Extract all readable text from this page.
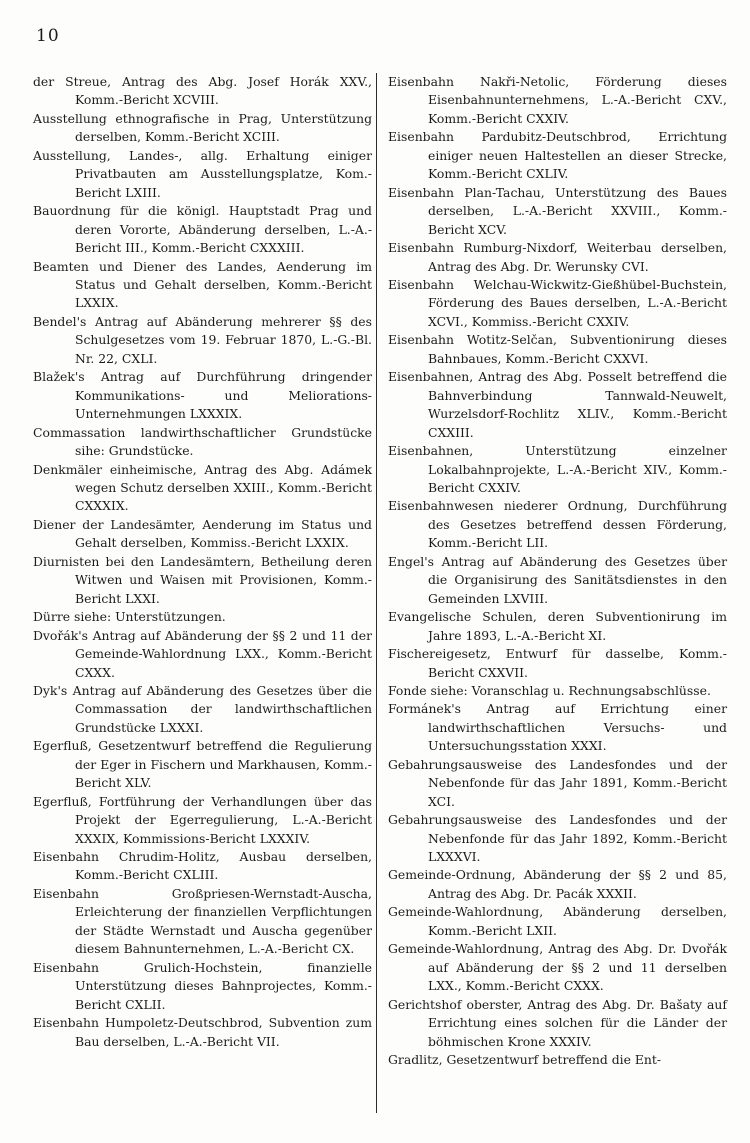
10

der Streue, Antrag des Abg. Josef Horák XXV., Komm.-Bericht XCVIII.

Ausstellung ethnografische in Prag, Unterstützung derselben, Komm.-Bericht XCIII.

Ausstellung, Landes-, allg. Erhaltung einiger Privatbauten am Ausstellungsplatze, Kom.-Bericht LXIII.

Bauordnung für die königl. Hauptstadt Prag und deren Vororte, Abänderung derselben, L.-A.-Bericht III., Komm.-Bericht CXXXIII.

Beamten und Diener des Landes, Aenderung im Status und Gehalt derselben, Komm.-Bericht LXXIX.

Bendel's Antrag auf Abänderung mehrerer §§ des Schulgesetzes vom 19. Februar 1870, L.-G.-Bl. Nr. 22, CXLI.

Blažek's Antrag auf Durchführung dringender Kommunikations- und Meliorations-Unternehmungen LXXXIX.

Commassation landwirthschaftlicher Grundstücke sihe: Grundstücke.

Denkmäler einheimische, Antrag des Abg. Adámek wegen Schutz derselben XXIII., Komm.-Bericht CXXXIX.

Diener der Landesämter, Aenderung im Status und Gehalt derselben, Kommiss.-Bericht LXXIX.

Diurnisten bei den Landesämtern, Betheilung deren Witwen und Waisen mit Provisionen, Komm.-Bericht LXXI.

Dürre siehe: Unterstützungen.

Dvořák's Antrag auf Abänderung der §§ 2 und 11 der Gemeinde-Wahlordnung LXX., Komm.-Bericht CXXX.

Dyk's Antrag auf Abänderung des Gesetzes über die Commassation der landwirthschaftlichen Grundstücke LXXXI.

Egerfluß, Gesetzentwurf betreffend die Regulierung der Eger in Fischern und Markhausen, Komm.-Bericht XLV.

Egerfluß, Fortführung der Verhandlungen über das Projekt der Egerregulierung, L.-A.-Bericht XXXIX, Kommissions-Bericht LXXXIV.

Eisenbahn Chrudim-Holitz, Ausbau derselben, Komm.-Bericht CXLIII.

Eisenbahn Großpriesen-Wernstadt-Auscha, Erleichterung der finanziellen Verpflichtungen der Städte Wernstadt und Auscha gegenüber diesem Bahnunternehmen, L.-A.-Bericht CX.

Eisenbahn Grulich-Hochstein, finanzielle Unterstützung dieses Bahnprojectes, Komm.-Bericht CXLII.

Eisenbahn Humpoletz-Deutschbrod, Subvention zum Bau derselben, L.-A.-Bericht VII.

Eisenbahn Nakři-Netolic, Förderung dieses Eisenbahnunternehmens, L.-A.-Bericht CXV., Komm.-Bericht CXXIV.

Eisenbahn Pardubitz-Deutschbrod, Errichtung einiger neuen Haltestellen an dieser Strecke, Komm.-Bericht CXLIV.

Eisenbahn Plan-Tachau, Unterstützung des Baues derselben, L.-A.-Bericht XXVIII., Komm.-Bericht XCV.

Eisenbahn Rumburg-Nixdorf, Weiterbau derselben, Antrag des Abg. Dr. Werunsky CVI.

Eisenbahn Welchau-Wickwitz-Gießhübel-Buchstein, Förderung des Baues derselben, L.-A.-Bericht XCVI., Kommiss.-Bericht CXXIV.

Eisenbahn Wotitz-Selčan, Subventionirung dieses Bahnbaues, Komm.-Bericht CXXVI.

Eisenbahnen, Antrag des Abg. Posselt betreffend die Bahnverbindung Tannwald-Neuwelt, Wurzelsdorf-Rochlitz XLIV., Komm.-Bericht CXXIII.

Eisenbahnen, Unterstützung einzelner Lokalbahnprojekte, L.-A.-Bericht XIV., Komm.-Bericht CXXIV.

Eisenbahnwesen niederer Ordnung, Durchführung des Gesetzes betreffend dessen Förderung, Komm.-Bericht LII.

Engel's Antrag auf Abänderung des Gesetzes über die Organisirung des Sanitätsdienstes in den Gemeinden LXVIII.

Evangelische Schulen, deren Subventionirung im Jahre 1893, L.-A.-Bericht XI.

Fischereigesetz, Entwurf für dasselbe, Komm.-Bericht CXXVII.

Fonde siehe: Voranschlag u. Rechnungsabschlüsse.

Formánek's Antrag auf Errichtung einer landwirthschaftlichen Versuchs- und Untersuchungsstation XXXI.

Gebahrungsausweise des Landesfondes und der Nebenfonde für das Jahr 1891, Komm.-Bericht XCI.

Gebahrungsausweise des Landesfondes und der Nebenfonde für das Jahr 1892, Komm.-Bericht LXXXVI.

Gemeinde-Ordnung, Abänderung der §§ 2 und 85, Antrag des Abg. Dr. Pacák XXXII.

Gemeinde-Wahlordnung, Abänderung derselben, Komm.-Bericht LXII.

Gemeinde-Wahlordnung, Antrag des Abg. Dr. Dvořák auf Abänderung der §§ 2 und 11 derselben LXX., Komm.-Bericht CXXX.

Gerichtshof oberster, Antrag des Abg. Dr. Bašaty auf Errichtung eines solchen für die Länder der böhmischen Krone XXXIV.

Gradlitz, Gesetzentwurf betreffend die Ent-
